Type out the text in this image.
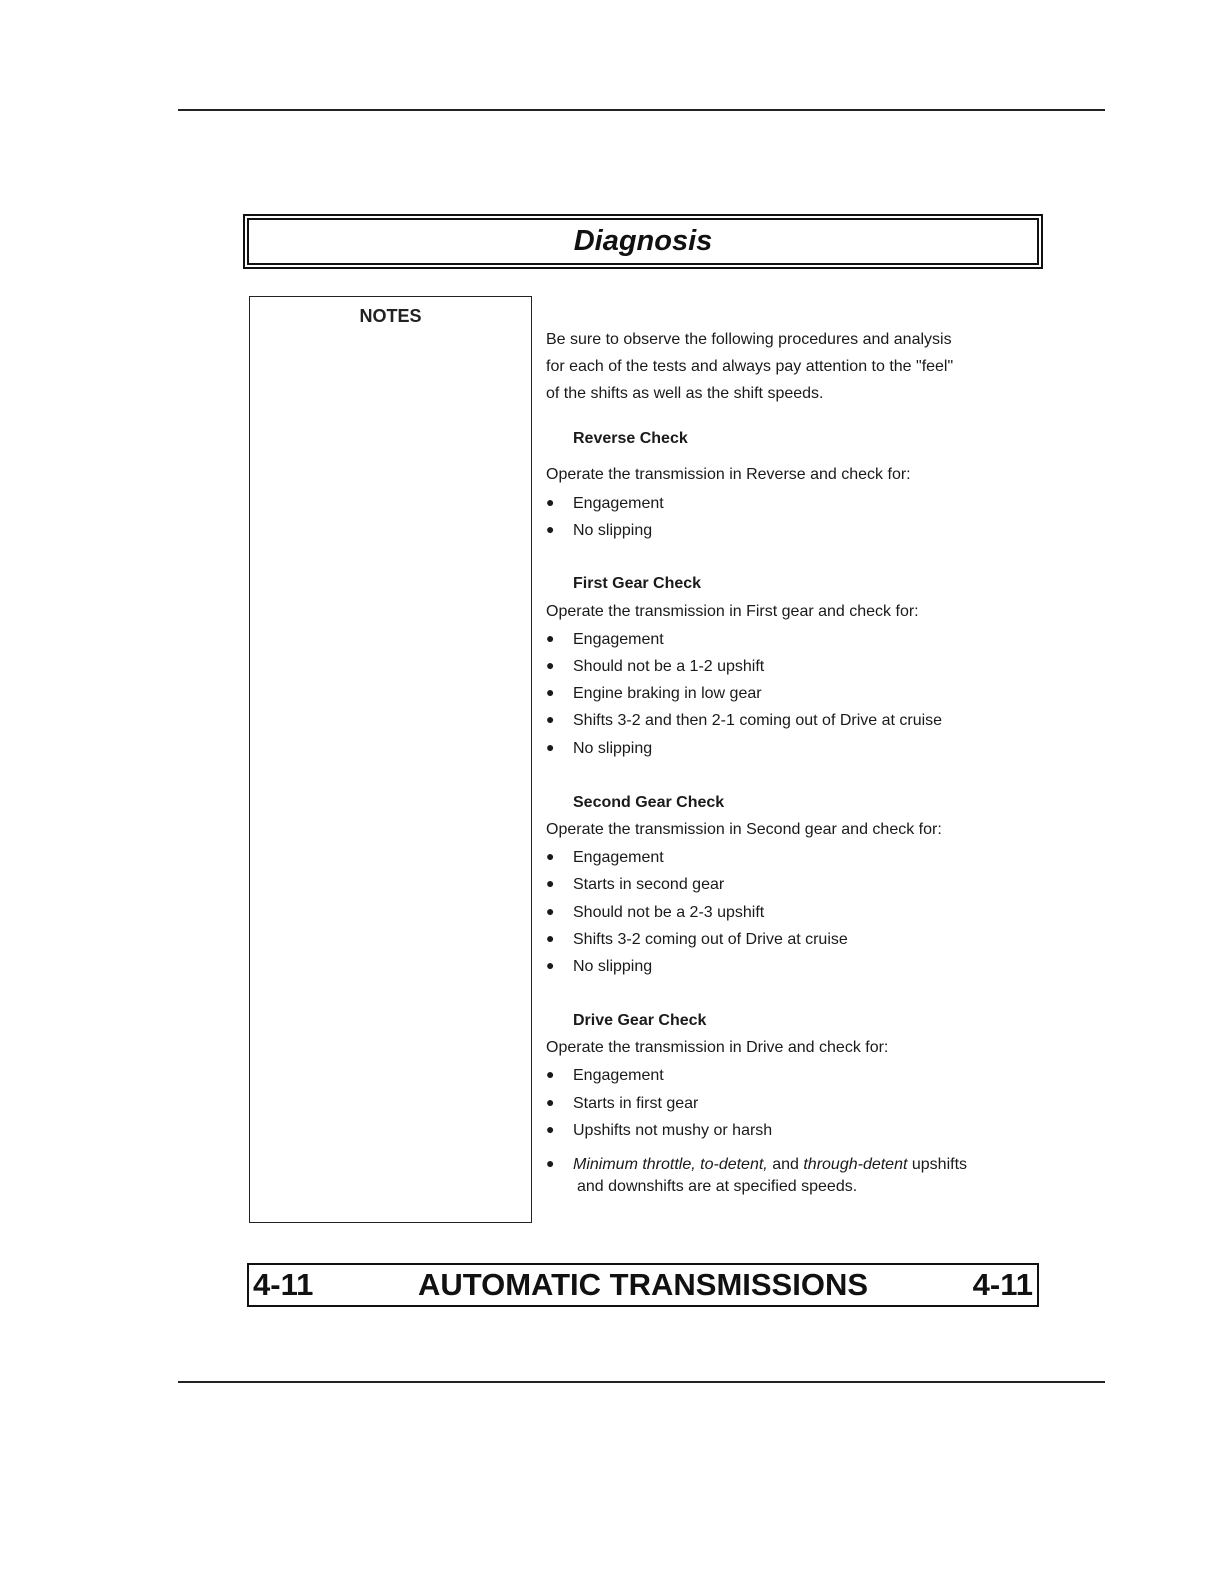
Diagnosis
NOTES
Be sure to observe the following procedures and analysis
for each of the tests and always pay attention to the "feel"
of the shifts as well as the shift speeds.
Reverse Check
Operate the transmission in Reverse and check for:
● Engagement
● No slipping
First Gear Check
Operate the transmission in First gear and check for:
● Engagement
● Should not be a 1-2 upshift
● Engine braking in low gear
● Shifts 3-2 and then 2-1 coming out of Drive at cruise
● No slipping
Second Gear Check
Operate the transmission in Second gear and check for:
● Engagement
● Starts in second gear
● Should not be a 2-3 upshift
● Shifts 3-2 coming out of Drive at cruise
● No slipping
Drive Gear Check
Operate the transmission in Drive and check for:
● Engagement
● Starts in first gear
● Upshifts not mushy or harsh
● Minimum throttle, to-detent, and through-detent upshifts
and downshifts are at specified speeds.
4-11	AUTOMATIC TRANSMISSIONS	4-11
